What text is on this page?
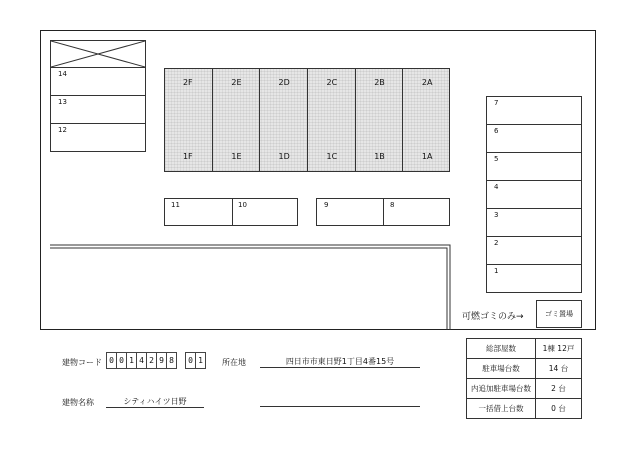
14
13
12
2F
1F
2E
1E
2D
1D
2C
1C
2B
1B
2A
1A
11	10	9	8
7
6
5
4
3
2
1
可燃ゴミのみ→	ゴミ置場
建物コード 0 0 1 4 2 9 8	0 1	所在地	四日市市東日野1丁目4番15号
建物名称	シティハイツ日野
総部屋数	1棟 12戸
駐車場台数	14 台
内追加駐車場台数	2 台
一括借上台数	0 台
